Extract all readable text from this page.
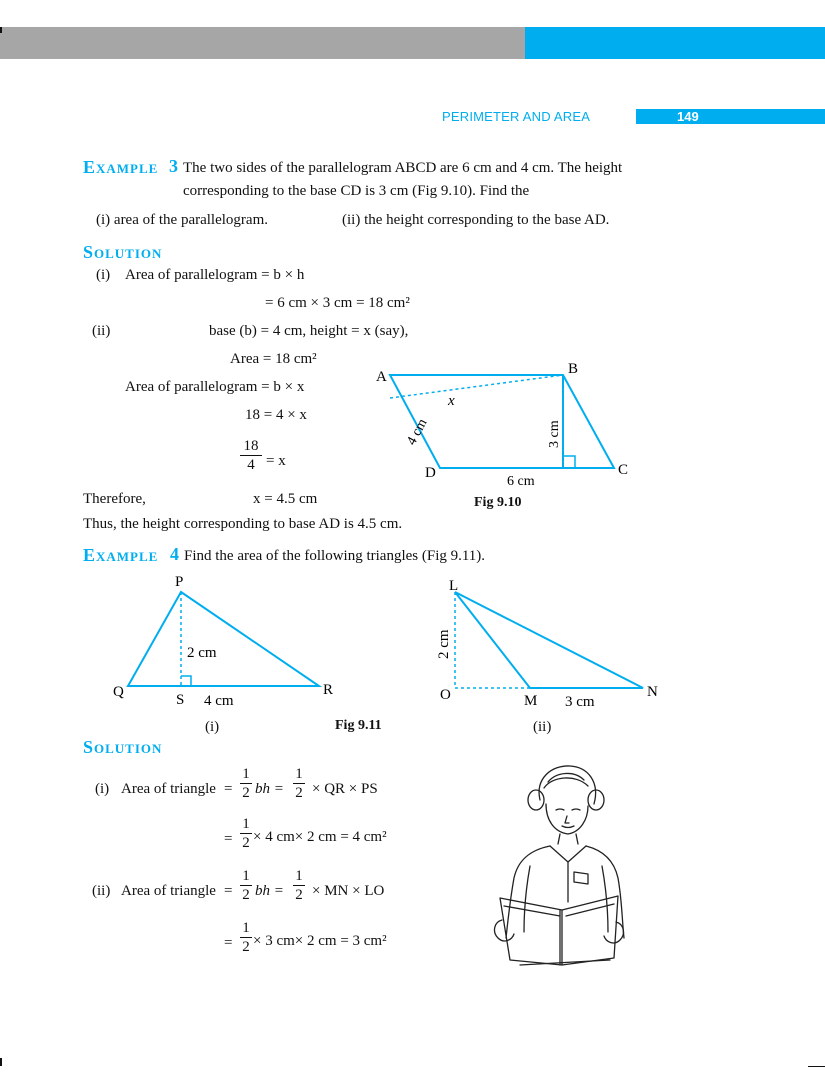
PERIMETER AND AREA	149
EXAMPLE 3 The two sides of the parallelogram ABCD are 6 cm and 4 cm. The height
corresponding to the base CD is 3 cm (Fig 9.10). Find the
(i) area of the parallelogram.	(ii) the height corresponding to the base AD.
SOLUTION
(i) Area of parallelogram = b × h
= 6 cm × 3 cm = 18 cm²
(ii)	base (b) = 4 cm, height = x (say),
Area = 18 cm²
Area of parallelogram = b × x
18 = 4 × x
18
4 = x
Therefore,	x = 4.5 cm
Thus, the height corresponding to base AD is 4.5 cm.
A	B
C
D
x
4 cm	3 cm
6 cm
Fig 9.10
EXAMPLE 4 Find the area of the following triangles (Fig 9.11).
P
Q	R
S
2 cm
4 cm
(i)	Fig 9.11
L
O	M
N
2 cm
3 cm
(ii)
SOLUTION
(i) Area of triangle =
1
2 bh =
1
2 × QR × PS
=
1
2 × 4 cm× 2 cm = 4 cm²
(ii) Area of triangle =
1
2 bh =
1
2 × MN × LO
=
1
2 × 3 cm× 2 cm = 3 cm²
